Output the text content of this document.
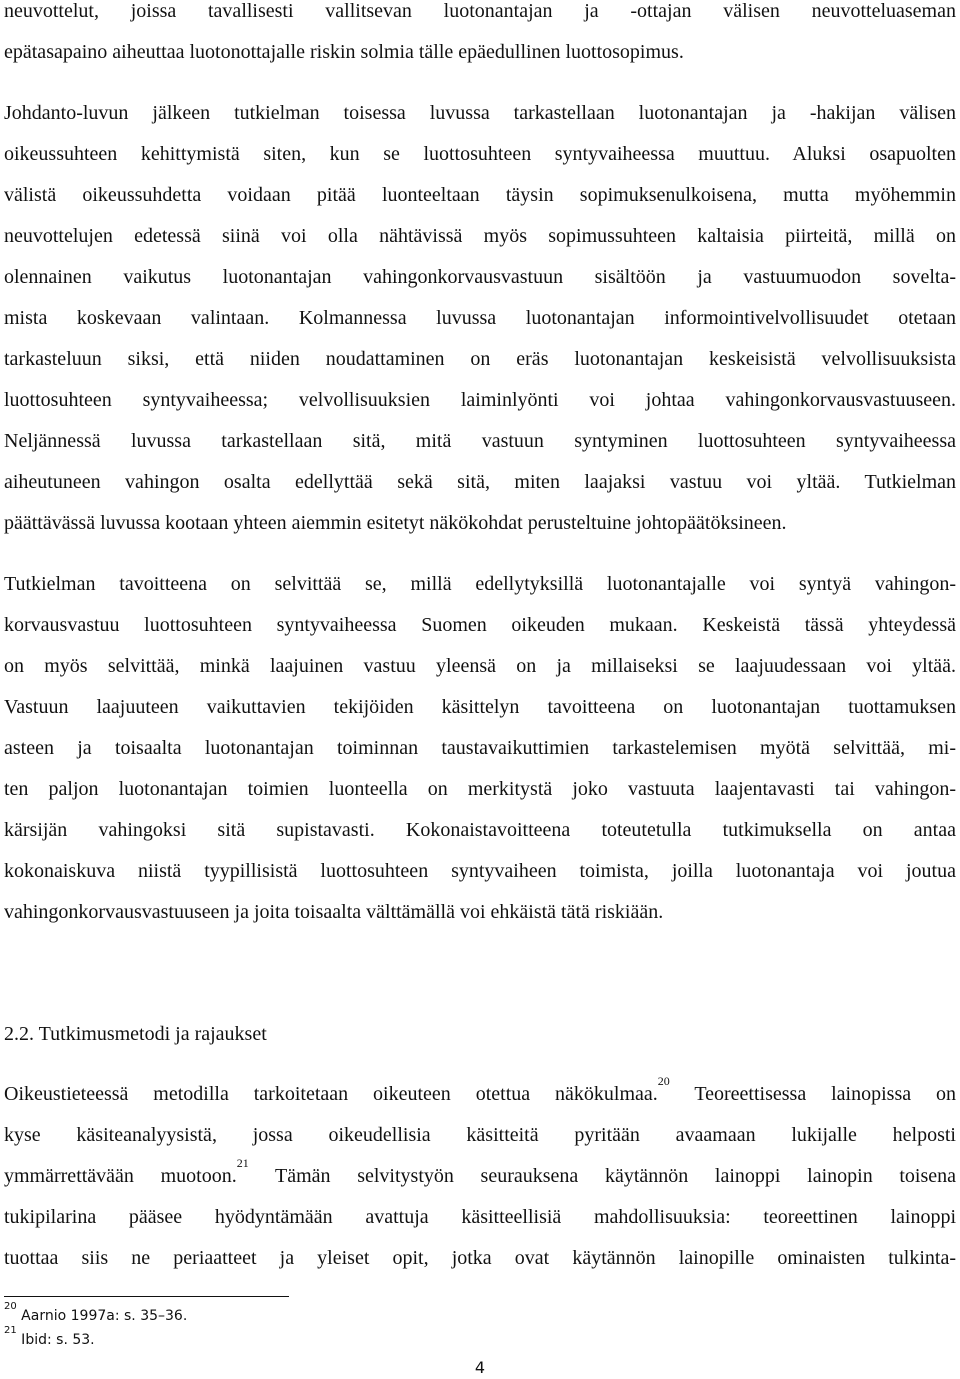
neuvottelut, joissa tavallisesti vallitsevan luotonantajan ja -ottajan välisen neuvotteluaseman
epätasapaino aiheuttaa luotonottajalle riskin solmia tälle epäedullinen luottosopimus.
Johdanto-luvun jälkeen tutkielman toisessa luvussa tarkastellaan luotonantajan ja -hakijan välisen
oikeussuhteen kehittymistä siten, kun se luottosuhteen syntyvaiheessa muuttuu. Aluksi osapuolten
välistä oikeussuhdetta voidaan pitää luonteeltaan täysin sopimuksenulkoisena, mutta myöhemmin
neuvottelujen edetessä siinä voi olla nähtävissä myös sopimussuhteen kaltaisia piirteitä, millä on
olennainen vaikutus luotonantajan vahingonkorvausvastuun sisältöön ja vastuumuodon sovelta-
mista koskevaan valintaan. Kolmannessa luvussa luotonantajan informointivelvollisuudet otetaan
tarkasteluun siksi, että niiden noudattaminen on eräs luotonantajan keskeisistä velvollisuuksista
luottosuhteen syntyvaiheessa; velvollisuuksien laiminlyönti voi johtaa vahingonkorvausvastuuseen.
Neljännessä luvussa tarkastellaan sitä, mitä vastuun syntyminen luottosuhteen syntyvaiheessa
aiheutuneen vahingon osalta edellyttää sekä sitä, miten laajaksi vastuu voi yltää. Tutkielman
päättävässä luvussa kootaan yhteen aiemmin esitetyt näkökohdat perusteltuine johtopäätöksineen.
Tutkielman tavoitteena on selvittää se, millä edellytyksillä luotonantajalle voi syntyä vahingon-
korvausvastuu luottosuhteen syntyvaiheessa Suomen oikeuden mukaan. Keskeistä tässä yhteydessä
on myös selvittää, minkä laajuinen vastuu yleensä on ja millaiseksi se laajuudessaan voi yltää.
Vastuun laajuuteen vaikuttavien tekijöiden käsittelyn tavoitteena on luotonantajan tuottamuksen
asteen ja toisaalta luotonantajan toiminnan taustavaikuttimien tarkastelemisen myötä selvittää, mi-
ten paljon luotonantajan toimien luonteella on merkitystä joko vastuuta laajentavasti tai vahingon-
kärsijän vahingoksi sitä supistavasti. Kokonaistavoitteena toteutetulla tutkimuksella on antaa
kokonaiskuva niistä tyypillisistä luottosuhteen syntyvaiheen toimista, joilla luotonantaja voi joutua
vahingonkorvausvastuuseen ja joita toisaalta välttämällä voi ehkäistä tätä riskiään.
2.2. Tutkimusmetodi ja rajaukset
Oikeustieteessä metodilla tarkoitetaan oikeuteen otettua näkökulmaa.$^{20}$ Teoreettisessa lainopissa on
kyse käsiteanalyysistä, jossa oikeudellisia käsitteitä pyritään avaamaan lukijalle helposti
ymmärrettävään muotoon.$^{21}$ Tämän selvitystyön seurauksena käytännön lainoppi lainopin toisena
tukipilarina pääsee hyödyntämään avattuja käsitteellisiä mahdollisuuksia: teoreettinen lainoppi
tuottaa siis ne periaatteet ja yleiset opit, jotka ovat käytännön lainopille ominaisten tulkinta-
$^{20}$ Aarnio 1997a: s. 35–36.
$^{21}$ Ibid: s. 53.
4
